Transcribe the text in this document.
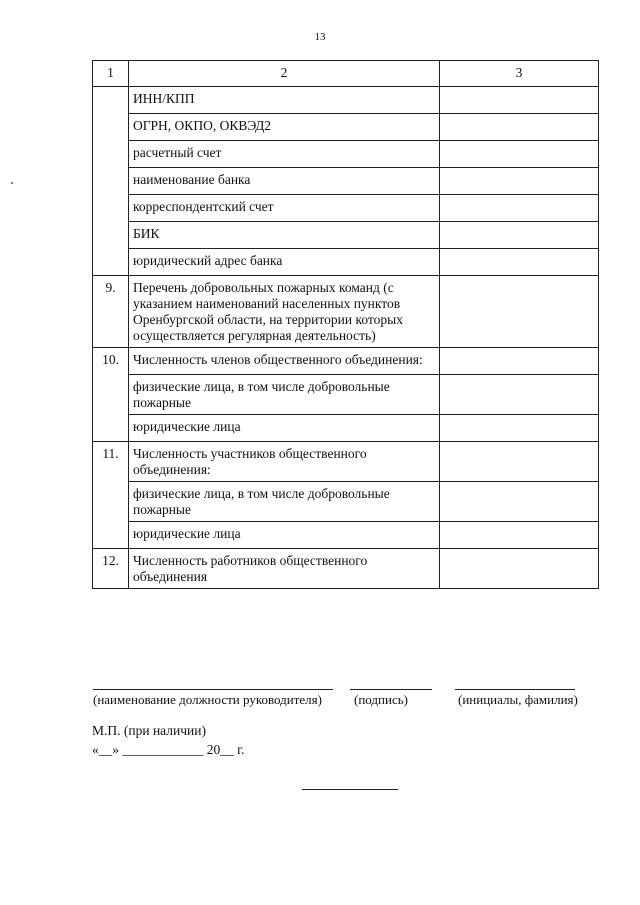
13
1	2	3
	ИНН/КПП	
	ОГРН, ОКПО, ОКВЭД2	
	расчетный счет	
	наименование банка	
	корреспондентский счет	
	БИК	
	юридический адрес банка	
9.	Перечень добровольных пожарных команд (с указанием наименований населенных пунктов Оренбургской области, на территории которых осуществляется регулярная деятельность)	
10.	Численность членов общественного объединения:	
	физические лица, в том числе добровольные пожарные	
	юридические лица	
11.	Численность участников общественного объединения:	
	физические лица, в том числе добровольные пожарные	
	юридические лица	
12.	Численность работников общественного объединения	
(наименование должности руководителя) (подпись)	(инициалы, фамилия)
М.П. (при наличии)
«__» ____________ 20__ г.
